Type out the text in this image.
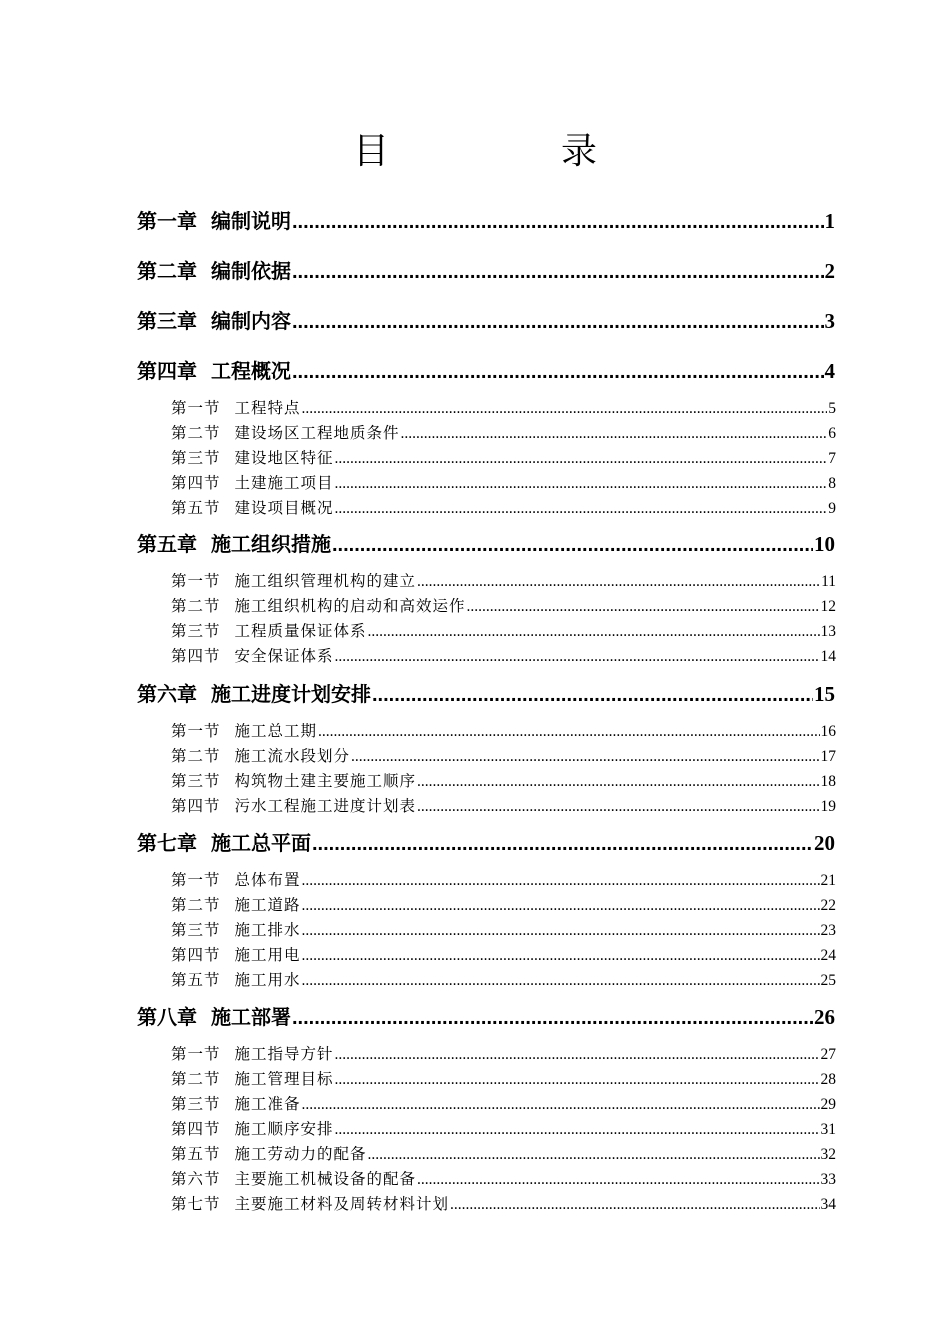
目　录
第一章 编制说明 .....	1
第二章 编制依据 .....	2
第三章 编制内容 .....	3
第四章 工程概况 .....	4
第一节 工程特点 .....	5
第二节 建设场区工程地质条件 .....	6
第三节 建设地区特征 .....	7
第四节 土建施工项目 .....	8
第五节 建设项目概况 .....	9
第五章 施工组织措施 .....	10
第一节 施工组织管理机构的建立 .....	11
第二节 施工组织机构的启动和高效运作 .....	12
第三节 工程质量保证体系 .....	13
第四节 安全保证体系 .....	14
第六章 施工进度计划安排 .....	15
第一节 施工总工期 .....	16
第二节 施工流水段划分 .....	17
第三节 构筑物土建主要施工顺序 .....	18
第四节 污水工程施工进度计划表 .....	19
第七章 施工总平面 .....	20
第一节 总体布置 .....	21
第二节 施工道路 .....	22
第三节 施工排水 .....	23
第四节 施工用电 .....	24
第五节 施工用水 .....	25
第八章 施工部署 .....	26
第一节 施工指导方针 .....	27
第二节 施工管理目标 .....	28
第三节 施工准备 .....	29
第四节 施工顺序安排 .....	31
第五节 施工劳动力的配备 .....	32
第六节 主要施工机械设备的配备 .....	33
第七节 主要施工材料及周转材料计划 .....	34
